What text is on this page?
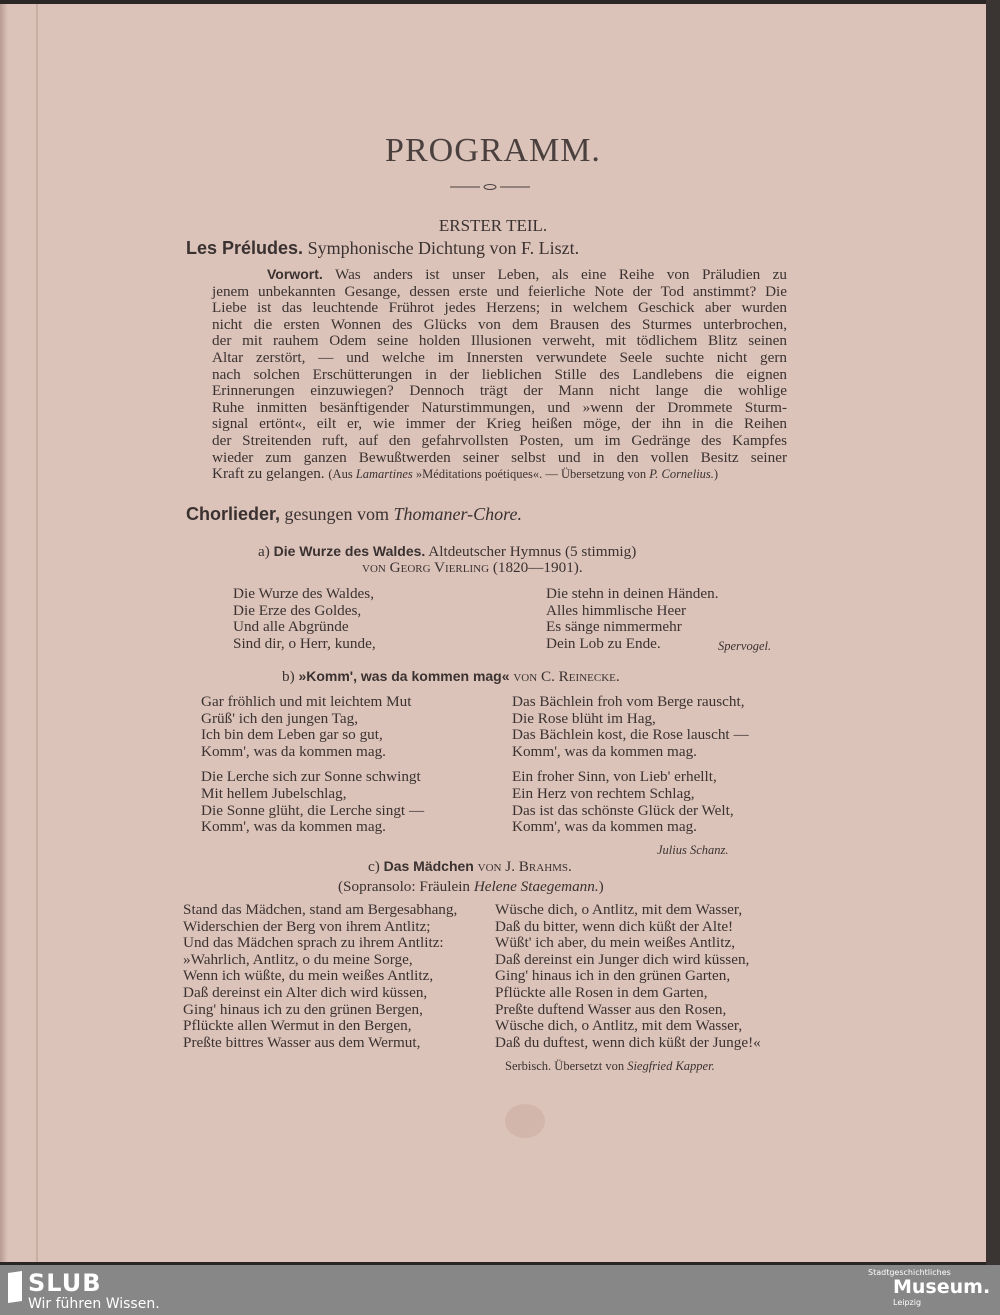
PROGRAMM.
ERSTER TEIL.
Les Préludes. Symphonische Dichtung von F. Liszt.
Vorwort. Was anders ist unser Leben, als eine Reihe von Präludien zu
jenem unbekannten Gesange, dessen erste und feierliche Note der Tod anstimmt? Die
Liebe ist das leuchtende Frührot jedes Herzens; in welchem Geschick aber wurden
nicht die ersten Wonnen des Glücks von dem Brausen des Sturmes unterbrochen,
der mit rauhem Odem seine holden Illusionen verweht, mit tödlichem Blitz seinen
Altar zerstört, — und welche im Innersten verwundete Seele suchte nicht gern
nach solchen Erschütterungen in der lieblichen Stille des Landlebens die eignen
Erinnerungen einzuwiegen? Dennoch trägt der Mann nicht lange die wohlige
Ruhe inmitten besänftigender Naturstimmungen, und »wenn der Drommete Sturm-
signal ertönt«, eilt er, wie immer der Krieg heißen möge, der ihn in die Reihen
der Streitenden ruft, auf den gefahrvollsten Posten, um im Gedränge des Kampfes
wieder zum ganzen Bewußtwerden seiner selbst und in den vollen Besitz seiner
Kraft zu gelangen. (Aus Lamartines »Méditations poétiques«. — Übersetzung von P. Cornelius.)
Chorlieder, gesungen vom Thomaner-Chore.
a) Die Wurze des Waldes. Altdeutscher Hymnus (5 stimmig)
von Georg Vierling (1820—1901).
Die Wurze des Waldes,
Die Erze des Goldes,
Und alle Abgründe
Sind dir, o Herr, kunde,
Die stehn in deinen Händen.
Alles himmlische Heer
Es sänge nimmermehr
Dein Lob zu Ende.	Spervogel.
b) »Komm', was da kommen mag« von C. Reinecke.
Gar fröhlich und mit leichtem Mut
Grüß' ich den jungen Tag,
Ich bin dem Leben gar so gut,
Komm', was da kommen mag.
Die Lerche sich zur Sonne schwingt
Mit hellem Jubelschlag,
Die Sonne glüht, die Lerche singt —
Komm', was da kommen mag.
Das Bächlein froh vom Berge rauscht,
Die Rose blüht im Hag,
Das Bächlein kost, die Rose lauscht —
Komm', was da kommen mag.
Ein froher Sinn, von Lieb' erhellt,
Ein Herz von rechtem Schlag,
Das ist das schönste Glück der Welt,
Komm', was da kommen mag.
Julius Schanz.
c) Das Mädchen von J. Brahms.
(Sopransolo: Fräulein Helene Staegemann.)
Stand das Mädchen, stand am Bergesabhang,
Widerschien der Berg von ihrem Antlitz;
Und das Mädchen sprach zu ihrem Antlitz:
»Wahrlich, Antlitz, o du meine Sorge,
Wenn ich wüßte, du mein weißes Antlitz,
Daß dereinst ein Alter dich wird küssen,
Ging' hinaus ich zu den grünen Bergen,
Pflückte allen Wermut in den Bergen,
Preßte bittres Wasser aus dem Wermut,
Wüsche dich, o Antlitz, mit dem Wasser,
Daß du bitter, wenn dich küßt der Alte!
Wüßt' ich aber, du mein weißes Antlitz,
Daß dereinst ein Junger dich wird küssen,
Ging' hinaus ich in den grünen Garten,
Pflückte alle Rosen in dem Garten,
Preßte duftend Wasser aus den Rosen,
Wüsche dich, o Antlitz, mit dem Wasser,
Daß du duftest, wenn dich küßt der Junge!«
Serbisch. Übersetzt von Siegfried Kapper.
SLUB
Wir führen Wissen.
Stadtgeschichtliches
Museum.
Leipzig
